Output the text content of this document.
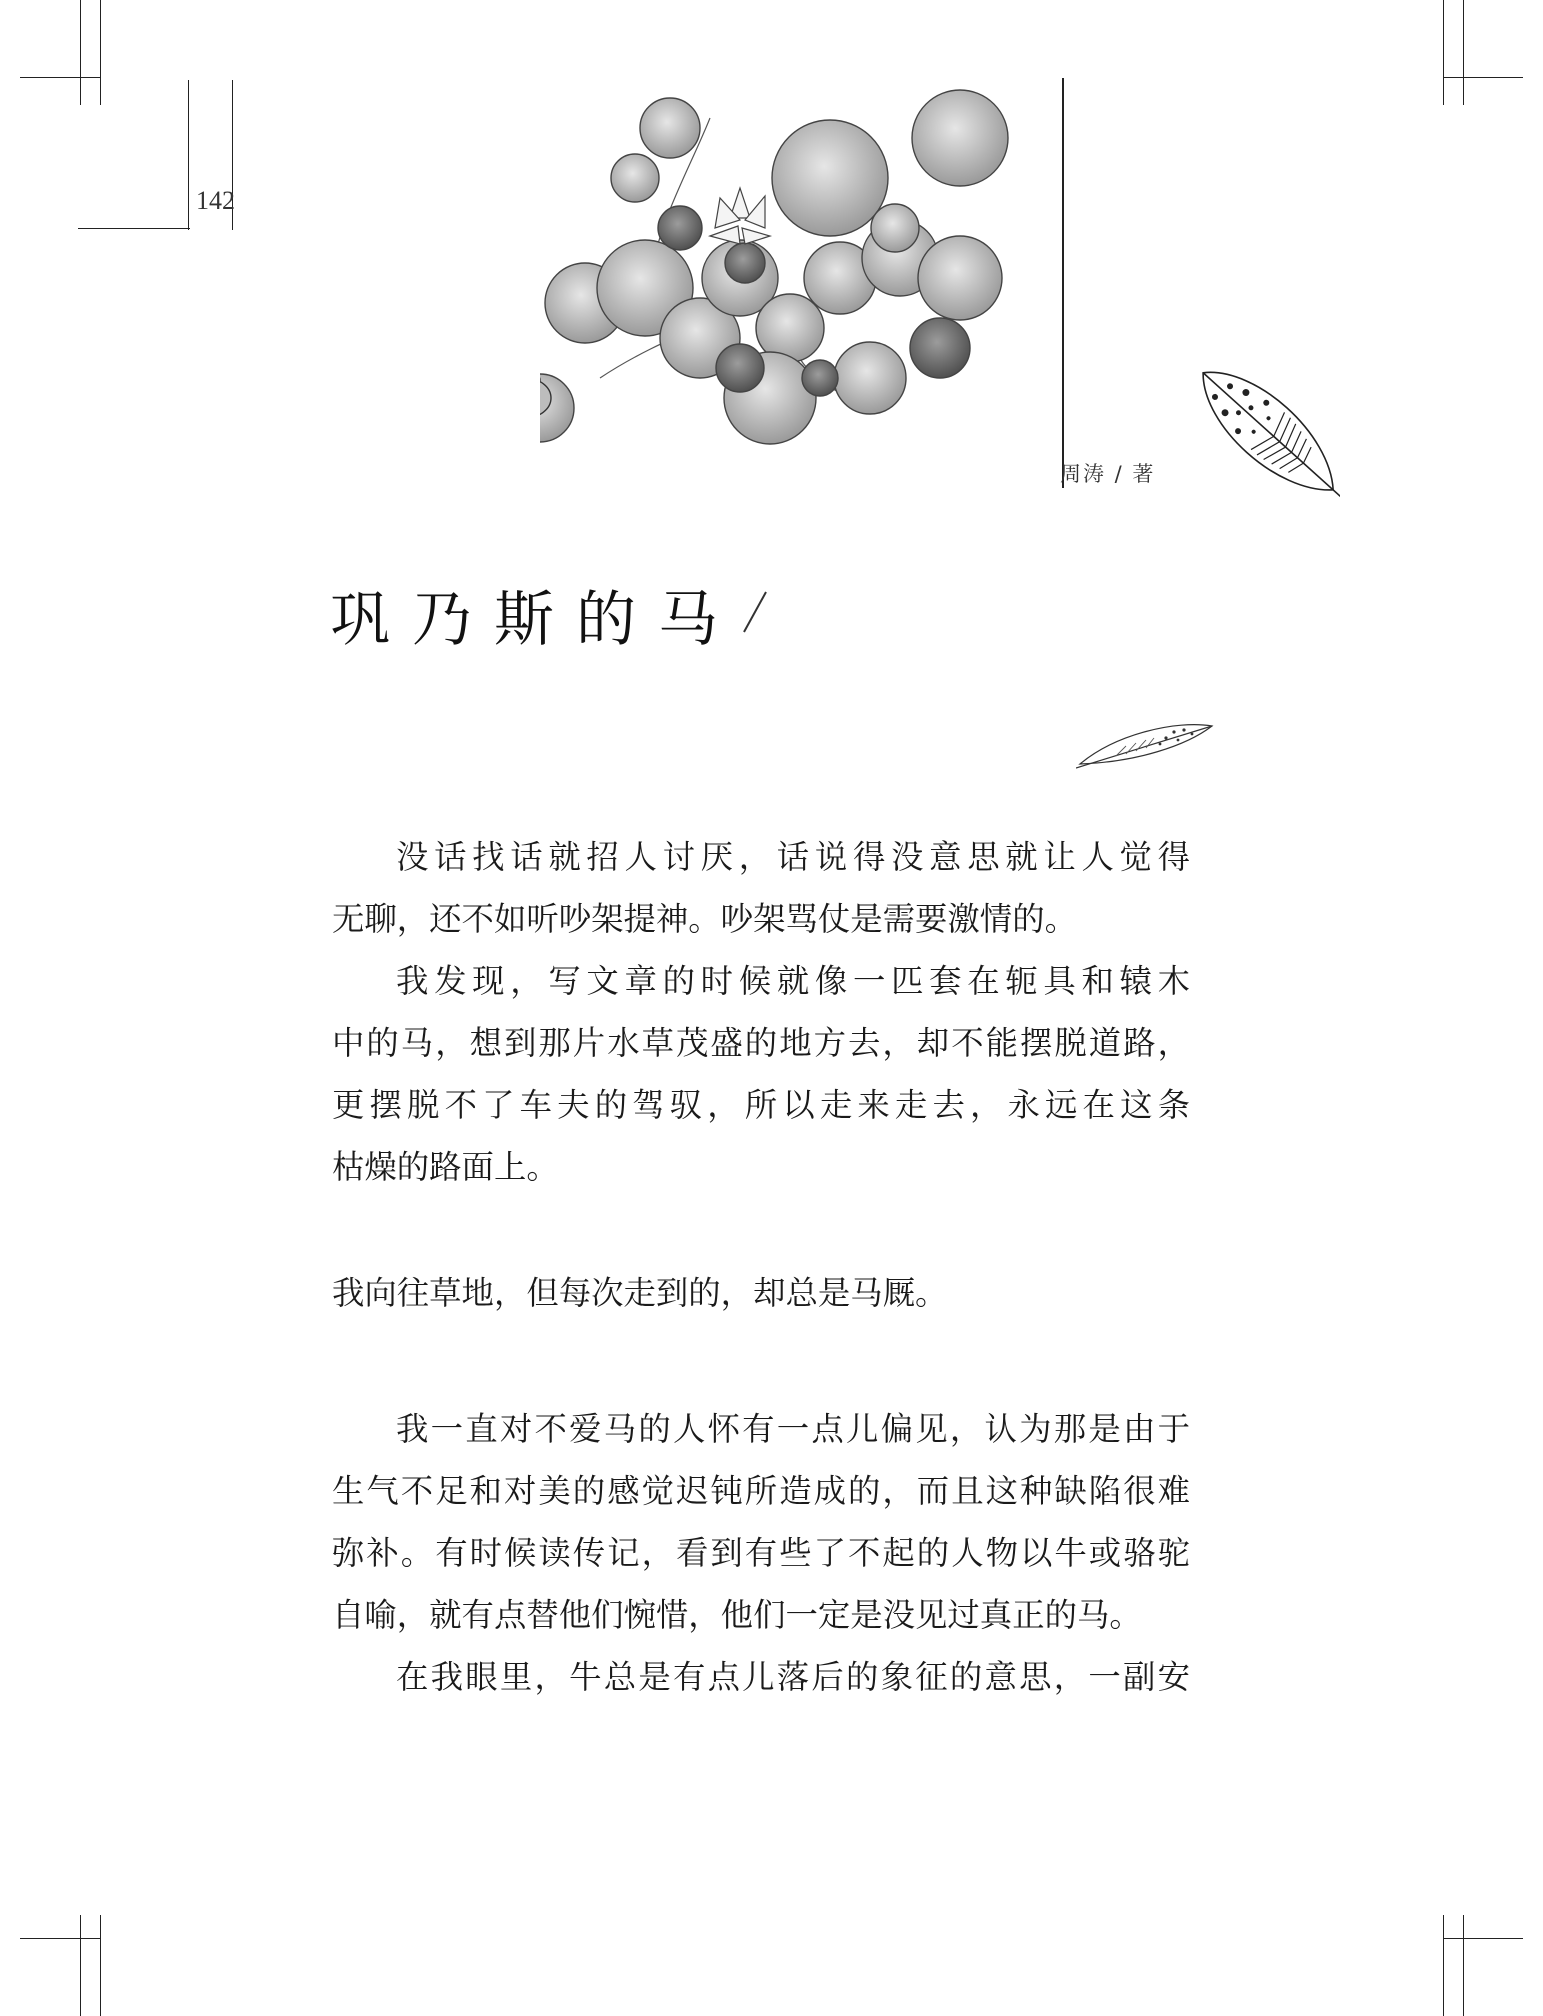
142
周涛 / 著
巩乃斯的马

没话找话就招人讨厌，话说得没意思就让人觉得
无聊，还不如听吵架提神。吵架骂仗是需要激情的。

我发现，写文章的时候就像一匹套在轭具和辕木
中的马，想到那片水草茂盛的地方去，却不能摆脱道路，
更摆脱不了车夫的驾驭，所以走来走去，永远在这条
枯燥的路面上。

我向往草地，但每次走到的，却总是马厩。

我一直对不爱马的人怀有一点儿偏见，认为那是由于
生气不足和对美的感觉迟钝所造成的，而且这种缺陷很难
弥补。有时候读传记，看到有些了不起的人物以牛或骆驼
自喻，就有点替他们惋惜，他们一定是没见过真正的马。

在我眼里，牛总是有点儿落后的象征的意思，一副安
